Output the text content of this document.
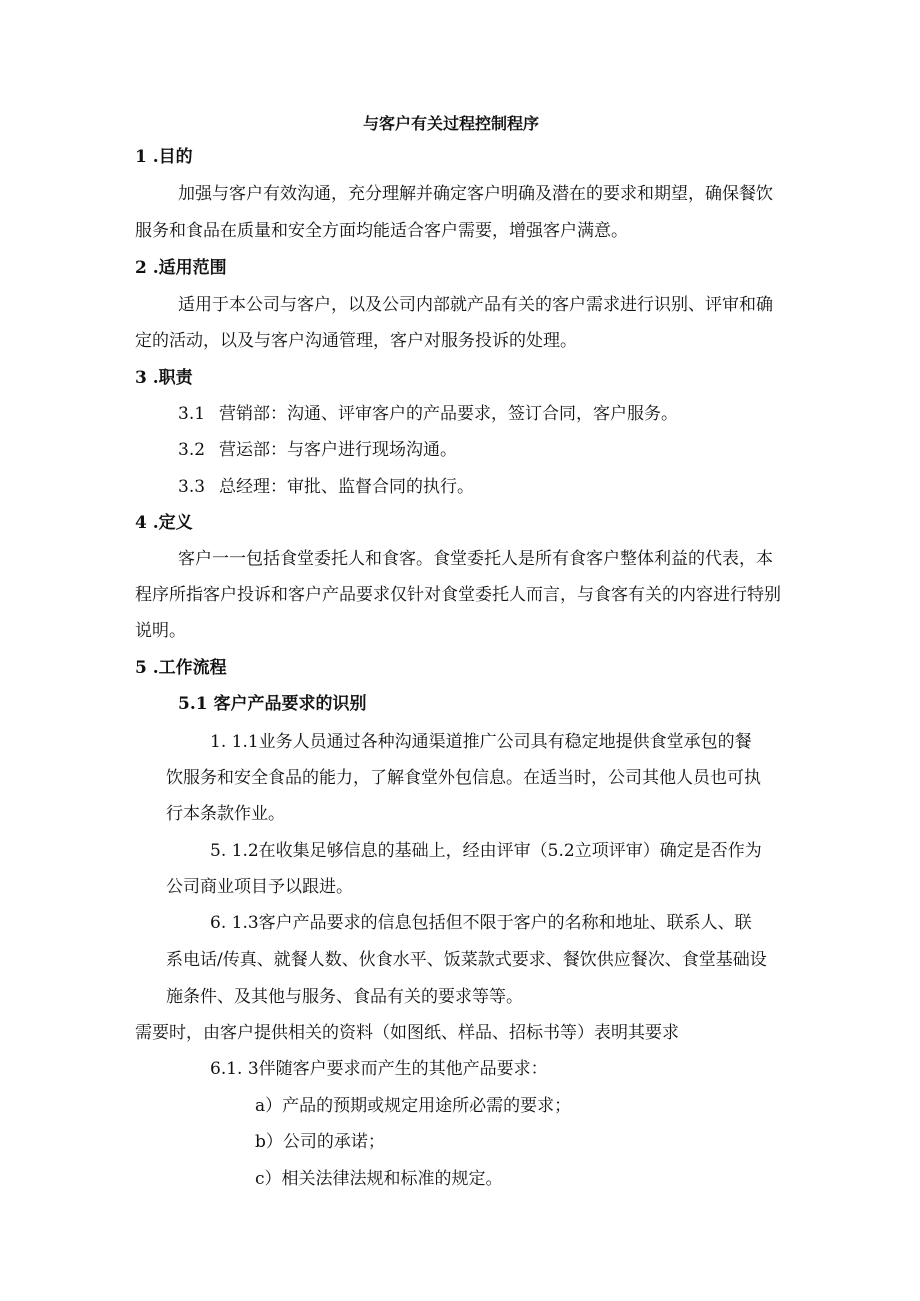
与客户有关过程控制程序
1 .目的
加强与客户有效沟通，充分理解并确定客户明确及潜在的要求和期望，确保餐饮
服务和食品在质量和安全方面均能适合客户需要，增强客户满意。
2 .适用范围
适用于本公司与客户，以及公司内部就产品有关的客户需求进行识别、评审和确
定的活动，以及与客户沟通管理，客户对服务投诉的处理。
3 .职责
3.1 营销部：沟通、评审客户的产品要求，签订合同，客户服务。
3.2 营运部：与客户进行现场沟通。
3.3 总经理：审批、监督合同的执行。
4 .定义
客户一一包括食堂委托人和食客。食堂委托人是所有食客户整体利益的代表，本
程序所指客户投诉和客户产品要求仅针对食堂委托人而言，与食客有关的内容进行特别
说明。
5 .工作流程
5.1 客户产品要求的识别
1. 1.1业务人员通过各种沟通渠道推广公司具有稳定地提供食堂承包的餐
饮服务和安全食品的能力，了解食堂外包信息。在适当时，公司其他人员也可执
行本条款作业。
5. 1.2在收集足够信息的基础上，经由评审（5.2立项评审）确定是否作为
公司商业项目予以跟进。
6. 1.3客户产品要求的信息包括但不限于客户的名称和地址、联系人、联
系电话/传真、就餐人数、伙食水平、饭菜款式要求、餐饮供应餐次、食堂基础设
施条件、及其他与服务、食品有关的要求等等。
需要时，由客户提供相关的资料（如图纸、样品、招标书等）表明其要求
6.1. 3伴随客户要求而产生的其他产品要求：
a）产品的预期或规定用途所必需的要求；
b）公司的承诺；
c）相关法律法规和标准的规定。
